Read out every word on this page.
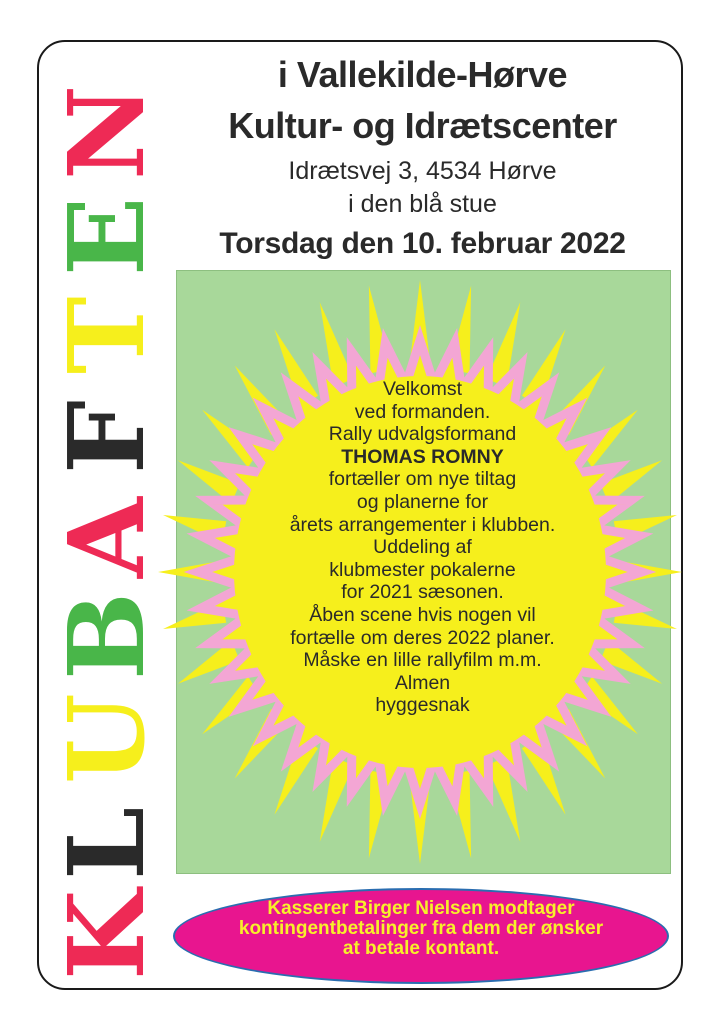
K
L
U
B
A
F
T
E
N
i Vallekilde-Hørve
Kultur- og Idrætscenter
Idrætsvej 3, 4534 Hørve
i den blå stue
Torsdag den 10. februar 2022
Velkomst
ved formanden.
Rally udvalgsformand
THOMAS ROMNY
fortæller om nye tiltag
og planerne for
årets arrangementer i klubben.
Uddeling af
klubmester pokalerne
for 2021 sæsonen.
Åben scene hvis nogen vil
fortælle om deres 2022 planer.
Måske en lille rallyfilm m.m.
Almen
hyggesnak
Kasserer Birger Nielsen modtager
kontingentbetalinger fra dem der ønsker
at betale kontant.
